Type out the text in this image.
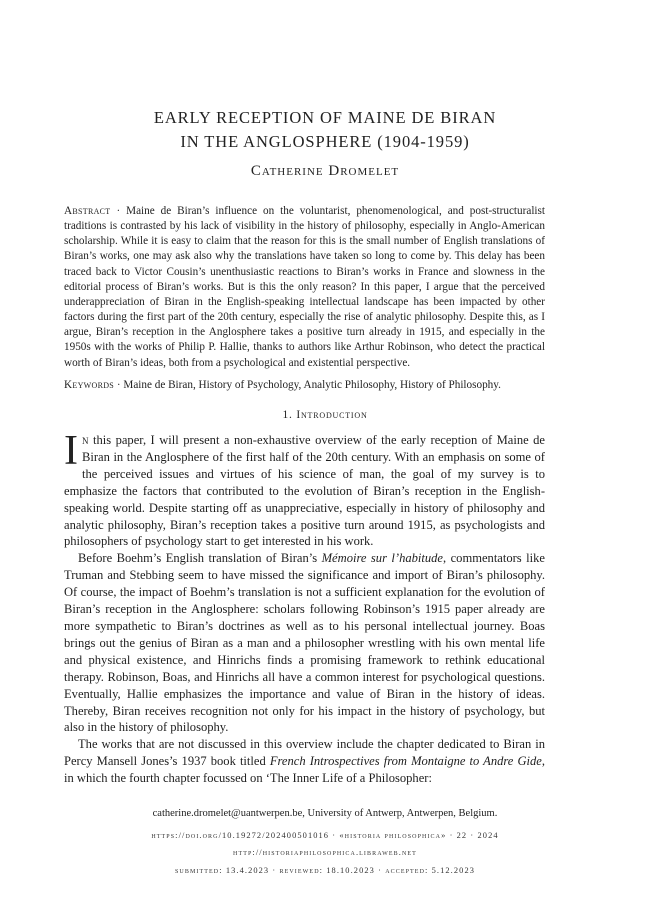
EARLY RECEPTION OF MAINE DE BIRAN
IN THE ANGLOSPHERE (1904-1959)
Catherine Dromelet
Abstract · Maine de Biran’s influence on the voluntarist, phenomenological, and post-structuralist traditions is contrasted by his lack of visibility in the history of philosophy, especially in Anglo-American scholarship. While it is easy to claim that the reason for this is the small number of English translations of Biran’s works, one may ask also why the translations have taken so long to come by. This delay has been traced back to Victor Cousin’s unenthusiastic reactions to Biran’s works in France and slowness in the editorial process of Biran’s works. But is this the only reason? In this paper, I argue that the perceived underappreciation of Biran in the English-speaking intellectual landscape has been impacted by other factors during the first part of the 20th century, especially the rise of analytic philosophy. Despite this, as I argue, Biran’s reception in the Anglosphere takes a positive turn already in 1915, and especially in the 1950s with the works of Philip P. Hallie, thanks to authors like Arthur Robinson, who detect the practical worth of Biran’s ideas, both from a psychological and existential perspective.
Keywords · Maine de Biran, History of Psychology, Analytic Philosophy, History of Philosophy.
1. Introduction

In this paper, I will present a non-exhaustive overview of the early reception of Maine de Biran in the Anglosphere of the first half of the 20th century. With an emphasis on some of the perceived issues and virtues of his science of man, the goal of my survey is to emphasize the factors that contributed to the evolution of Biran’s reception in the English-speaking world. Despite starting off as unappreciative, especially in history of philosophy and analytic philosophy, Biran’s reception takes a positive turn around 1915, as psychologists and philosophers of psychology start to get interested in his work.

Before Boehm’s English translation of Biran’s Mémoire sur l’habitude, commentators like Truman and Stebbing seem to have missed the significance and import of Biran’s philosophy. Of course, the impact of Boehm’s translation is not a sufficient explanation for the evolution of Biran’s reception in the Anglosphere: scholars following Robinson’s 1915 paper already are more sympathetic to Biran’s doctrines as well as to his personal intellectual journey. Boas brings out the genius of Biran as a man and a philosopher wrestling with his own mental life and physical existence, and Hinrichs finds a promising framework to rethink educational therapy. Robinson, Boas, and Hinrichs all have a common interest for psychological questions. Eventually, Hallie emphasizes the importance and value of Biran in the history of ideas. Thereby, Biran receives recognition not only for his impact in the history of psychology, but also in the history of philosophy.

The works that are not discussed in this overview include the chapter dedicated to Biran in Percy Mansell Jones’s 1937 book titled French Introspectives from Montaigne to Andre Gide, in which the fourth chapter focussed on ‘The Inner Life of a Philosopher:

catherine.dromelet@uantwerpen.be, University of Antwerp, Antwerpen, Belgium.
https://doi.org/10.19272/202400501016 · «historia philosophica» · 22 · 2024
http://historiaphilosophica.libraweb.net
submitted: 13.4.2023 · reviewed: 18.10.2023 · accepted: 5.12.2023
